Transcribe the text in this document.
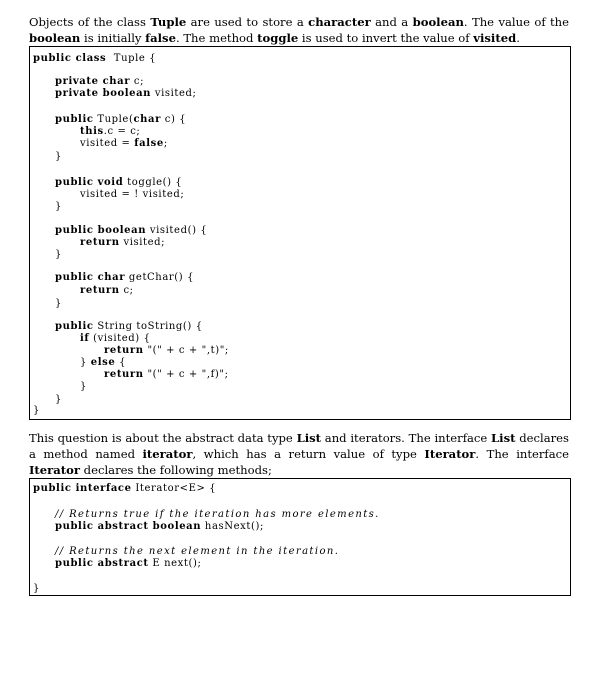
Objects of the class Tuple are used to store a character and a boolean. The value of the boolean is initially false. The method toggle is used to invert the value of visited.
public class  Tuple {
private char c;
private boolean visited;
public Tuple(char c) {
this.c = c;
visited = false;
}
public void toggle() {
visited = ! visited;
}
public boolean visited() {
return visited;
}
public char getChar() {
return c;
}
public String toString() {
if (visited) {
return "(" + c + ",t)";
} else {
return "(" + c + ",f)";
}
}
}
This question is about the abstract data type List and iterators. The interface List declares a method named iterator, which has a return value of type Iterator. The interface Iterator declares the following methods;
public interface Iterator<E> {
// Returns true if the iteration has more elements.
public abstract boolean hasNext();
// Returns the next element in the iteration.
public abstract E next();
}
